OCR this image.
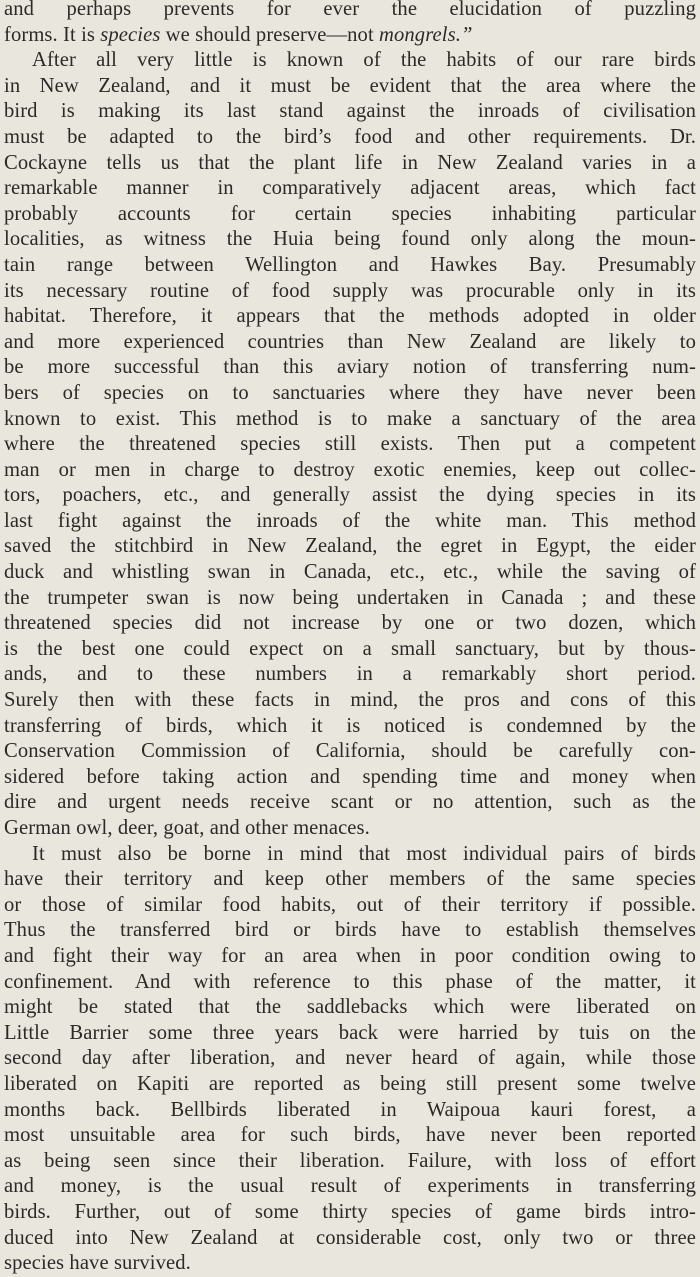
and perhaps prevents for ever the elucidation of puzzling
forms. It is species we should preserve—not mongrels.”
After all very little is known of the habits of our rare birds
in New Zealand, and it must be evident that the area where the
bird is making its last stand against the inroads of civilisation
must be adapted to the bird’s food and other requirements. Dr.
Cockayne tells us that the plant life in New Zealand varies in a
remarkable manner in comparatively adjacent areas, which fact
probably accounts for certain species inhabiting particular
localities, as witness the Huia being found only along the moun-
tain range between Wellington and Hawkes Bay. Presumably
its necessary routine of food supply was procurable only in its
habitat. Therefore, it appears that the methods adopted in older
and more experienced countries than New Zealand are likely to
be more successful than this aviary notion of transferring num-
bers of species on to sanctuaries where they have never been
known to exist. This method is to make a sanctuary of the area
where the threatened species still exists. Then put a competent
man or men in charge to destroy exotic enemies, keep out collec-
tors, poachers, etc., and generally assist the dying species in its
last fight against the inroads of the white man. This method
saved the stitchbird in New Zealand, the egret in Egypt, the eider
duck and whistling swan in Canada, etc., etc., while the saving of
the trumpeter swan is now being undertaken in Canada ; and these
threatened species did not increase by one or two dozen, which
is the best one could expect on a small sanctuary, but by thous-
ands, and to these numbers in a remarkably short period.
Surely then with these facts in mind, the pros and cons of this
transferring of birds, which it is noticed is condemned by the
Conservation Commission of California, should be carefully con-
sidered before taking action and spending time and money when
dire and urgent needs receive scant or no attention, such as the
German owl, deer, goat, and other menaces.
It must also be borne in mind that most individual pairs of birds
have their territory and keep other members of the same species
or those of similar food habits, out of their territory if possible.
Thus the transferred bird or birds have to establish themselves
and fight their way for an area when in poor condition owing to
confinement. And with reference to this phase of the matter, it
might be stated that the saddlebacks which were liberated on
Little Barrier some three years back were harried by tuis on the
second day after liberation, and never heard of again, while those
liberated on Kapiti are reported as being still present some twelve
months back. Bellbirds liberated in Waipoua kauri forest, a
most unsuitable area for such birds, have never been reported
as being seen since their liberation. Failure, with loss of effort
and money, is the usual result of experiments in transferring
birds. Further, out of some thirty species of game birds intro-
duced into New Zealand at considerable cost, only two or three
species have survived.
